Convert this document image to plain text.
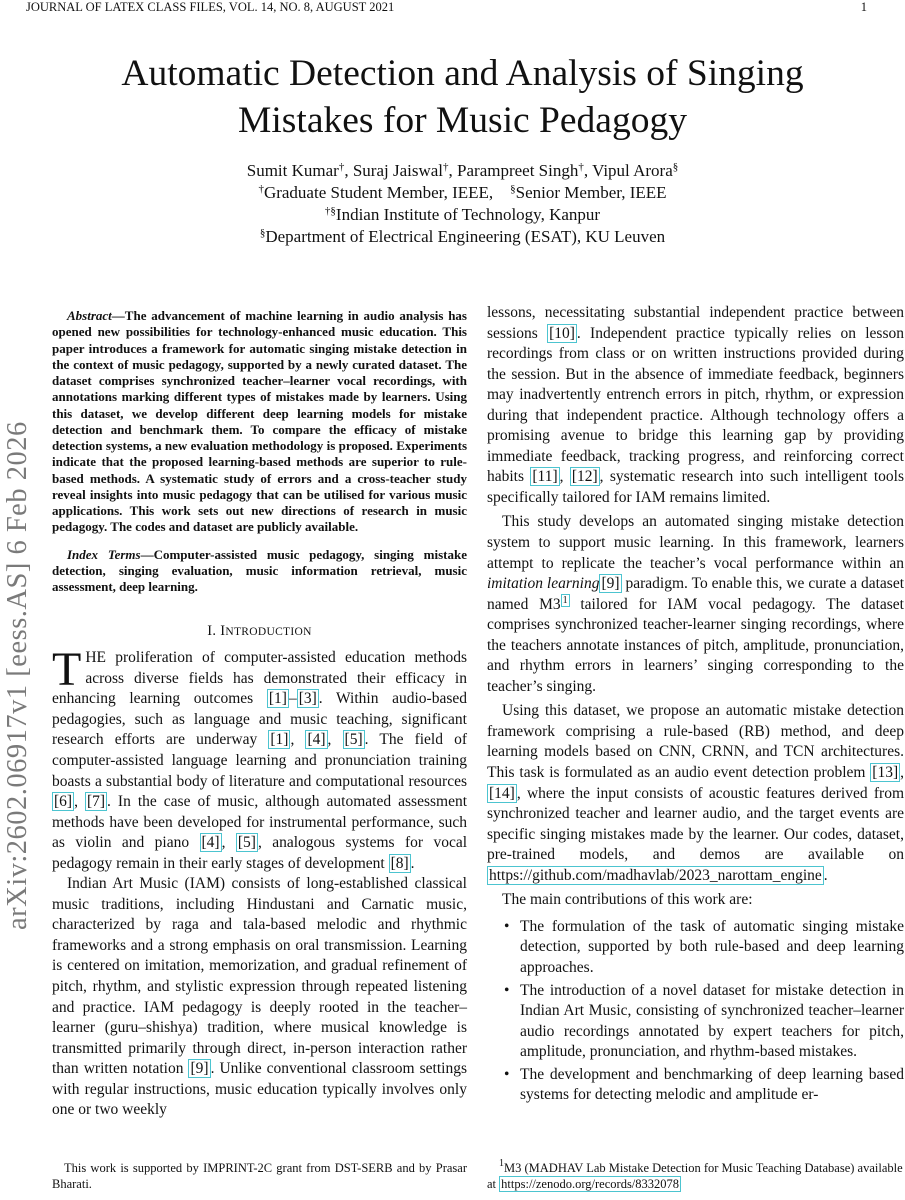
JOURNAL OF LATEX CLASS FILES, VOL. 14, NO. 8, AUGUST 2021	1
arXiv:2602.06917v1 [eess.AS] 6 Feb 2026
Automatic Detection and Analysis of Singing Mistakes for Music Pedagogy
Sumit Kumar†, Suraj Jaiswal†, Parampreet Singh†, Vipul Arora§
†Graduate Student Member, IEEE, §Senior Member, IEEE
†§Indian Institute of Technology, Kanpur
§Department of Electrical Engineering (ESAT), KU Leuven

Abstract—The advancement of machine learning in audio analysis has opened new possibilities for technology-enhanced music education. This paper introduces a framework for automatic singing mistake detection in the context of music pedagogy, supported by a newly curated dataset. The dataset comprises synchronized teacher–learner vocal recordings, with annotations marking different types of mistakes made by learners. Using this dataset, we develop different deep learning models for mistake detection and benchmark them. To compare the efficacy of mistake detection systems, a new evaluation methodology is proposed. Experiments indicate that the proposed learning-based methods are superior to rule-based methods. A systematic study of errors and a cross-teacher study reveal insights into music pedagogy that can be utilised for various music applications. This work sets out new directions of research in music pedagogy. The codes and dataset are publicly available.

Index Terms—Computer-assisted music pedagogy, singing mistake detection, singing evaluation, music information retrieval, music assessment, deep learning.

I. INTRODUCTION

THE proliferation of computer-assisted education methods across diverse fields has demonstrated their efficacy in enhancing learning outcomes [1] – [3] . Within audio-based pedagogies, such as language and music teaching, significant research efforts are underway [1] , [4] , [5] . The field of computer-assisted language learning and pronunciation training boasts a substantial body of literature and computational resources [6] , [7] . In the case of music, although automated assessment methods have been developed for instrumental performance, such as violin and piano [4] , [5] , analogous systems for vocal pedagogy remain in their early stages of development [8] .

Indian Art Music (IAM) consists of long-established classical music traditions, including Hindustani and Carnatic music, characterized by raga and tala-based melodic and rhythmic frameworks and a strong emphasis on oral transmission. Learning is centered on imitation, memorization, and gradual refinement of pitch, rhythm, and stylistic expression through repeated listening and practice. IAM pedagogy is deeply rooted in the teacher–learner (guru–shishya) tradition, where musical knowledge is transmitted primarily through direct, in-person interaction rather than written notation [9] . Unlike conventional classroom settings with regular instructions, music education typically involves only one or two weekly

lessons, necessitating substantial independent practice between sessions [10] . Independent practice typically relies on lesson recordings from class or on written instructions provided during the session. But in the absence of immediate feedback, beginners may inadvertently entrench errors in pitch, rhythm, or expression during that independent practice. Although technology offers a promising avenue to bridge this learning gap by providing immediate feedback, tracking progress, and reinforcing correct habits [11] , [12] , systematic research into such intelligent tools specifically tailored for IAM remains limited.

This study develops an automated singing mistake detection system to support music learning. In this framework, learners attempt to replicate the teacher’s vocal performance within an imitation learning [9] paradigm. To enable this, we curate a dataset named M3 $^1$ tailored for IAM vocal pedagogy. The dataset comprises synchronized teacher-learner singing recordings, where the teachers annotate instances of pitch, amplitude, pronunciation, and rhythm errors in learners’ singing corresponding to the teacher’s singing.

Using this dataset, we propose an automatic mistake detection framework comprising a rule-based (RB) method, and deep learning models based on CNN, CRNN, and TCN architectures. This task is formulated as an audio event detection problem [13] , [14] , where the input consists of acoustic features derived from synchronized teacher and learner audio, and the target events are specific singing mistakes made by the learner. Our codes, dataset, pre-trained models, and demos are available on https://github.com/madhavlab/2023_narottam_engine .

The main contributions of this work are:

• The formulation of the task of automatic singing mistake detection, supported by both rule-based and deep learning approaches.
• The introduction of a novel dataset for mistake detection in Indian Art Music, consisting of synchronized teacher–learner audio recordings annotated by expert teachers for pitch, amplitude, pronunciation, and rhythm-based mistakes.
• The development and benchmarking of deep learning based systems for detecting melodic and amplitude er-
This work is supported by IMPRINT-2C grant from DST-SERB and by Prasar Bharati.
$^1$M3 (MADHAV Lab Mistake Detection for Music Teaching Database) available at https://zenodo.org/records/8332078
